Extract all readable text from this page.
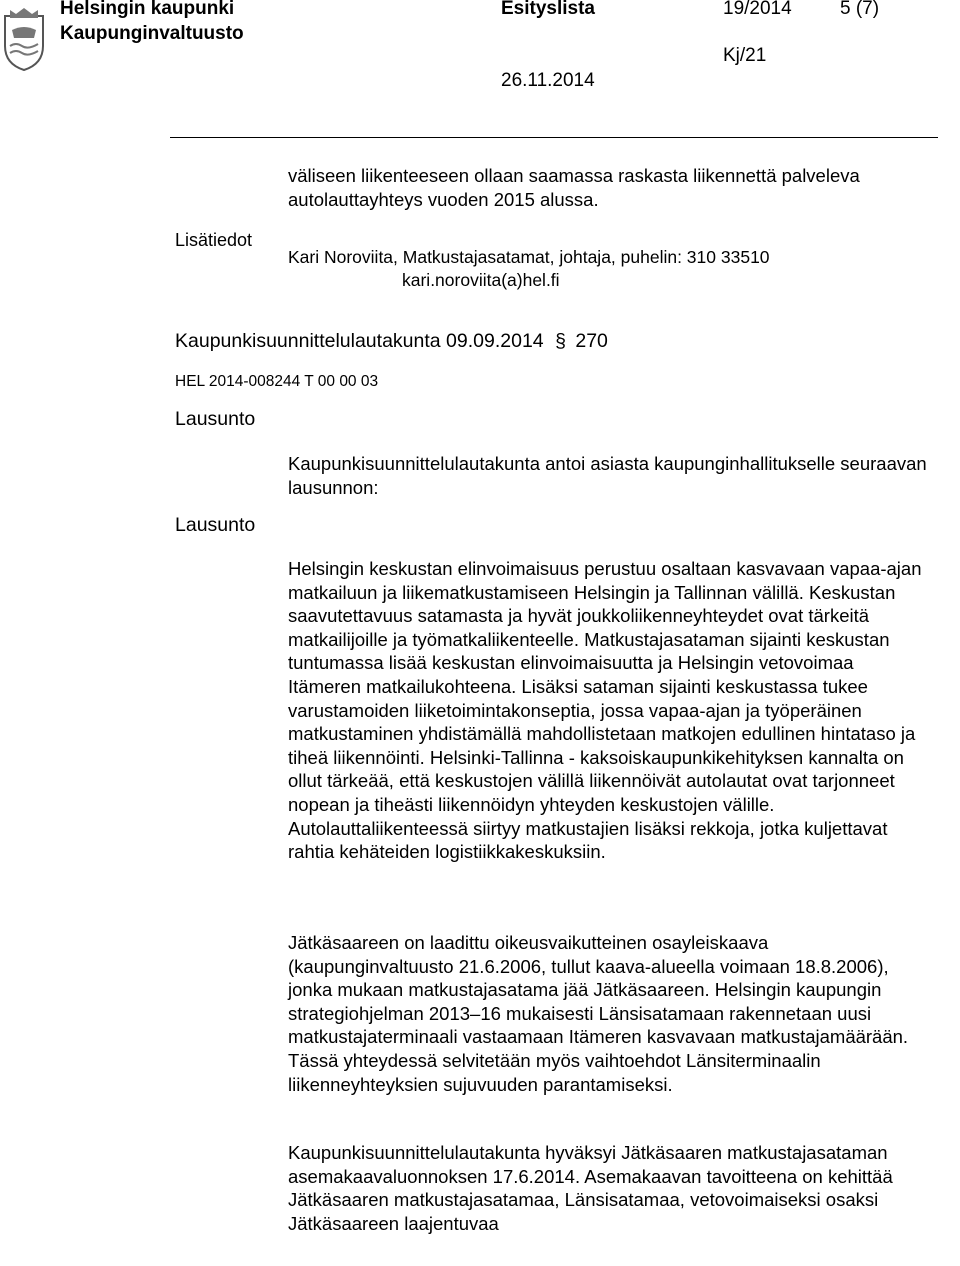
Helsingin kaupunki
Kaupunginvaltuusto
Esityslista	19/2014	5 (7)
Kj/21
26.11.2014

väliseen liikenteeseen ollaan saamassa raskasta liikennettä palveleva autolauttayhteys vuoden 2015 alussa.

Lisätiedot
Kari Noroviita, Matkustajasatamat, johtaja, puhelin: 310 33510
kari.noroviita(a)hel.fi
Kaupunkisuunnittelulautakunta 09.09.2014 § 270
HEL 2014-008244 T 00 00 03
Lausunto

Kaupunkisuunnittelulautakunta antoi asiasta kaupunginhallitukselle seuraavan lausunnon:

Lausunto

Helsingin keskustan elinvoimaisuus perustuu osaltaan kasvavaan vapaa-ajan matkailuun ja liikematkustamiseen Helsingin ja Tallinnan välillä. Keskustan saavutettavuus satamasta ja hyvät joukkoliikenneyhteydet ovat tärkeitä matkailijoille ja työmatkaliikenteelle. Matkustajasataman sijainti keskustan tuntumassa lisää keskustan elinvoimaisuutta ja Helsingin vetovoimaa Itämeren matkailukohteena. Lisäksi sataman sijainti keskustassa tukee varustamoiden liiketoimintakonseptia, jossa vapaa-ajan ja työperäinen matkustaminen yhdistämällä mahdollistetaan matkojen edullinen hintataso ja tiheä liikennöinti. Helsinki-Tallinna - kaksoiskaupunkikehityksen kannalta on ollut tärkeää, että keskustojen välillä liikennöivät autolautat ovat tarjonneet nopean ja tiheästi liikennöidyn yhteyden keskustojen välille. Autolauttaliikenteessä siirtyy matkustajien lisäksi rekkoja, jotka kuljettavat rahtia kehäteiden logistiikkakeskuksiin.

Jätkäsaareen on laadittu oikeusvaikutteinen osayleiskaava (kaupunginvaltuusto 21.6.2006, tullut kaava-alueella voimaan 18.8.2006), jonka mukaan matkustajasatama jää Jätkäsaareen. Helsingin kaupungin strategiohjelman 2013–16 mukaisesti Länsisatamaan rakennetaan uusi matkustajaterminaali vastaamaan Itämeren kasvavaan matkustajamäärään. Tässä yhteydessä selvitetään myös vaihtoehdot Länsiterminaalin liikenneyhteyksien sujuvuuden parantamiseksi.

Kaupunkisuunnittelulautakunta hyväksyi Jätkäsaaren matkustajasataman asemakaavaluonnoksen 17.6.2014. Asemakaavan tavoitteena on kehittää Jätkäsaaren matkustajasatamaa, Länsisatamaa, vetovoimaiseksi osaksi Jätkäsaareen laajentuvaa
